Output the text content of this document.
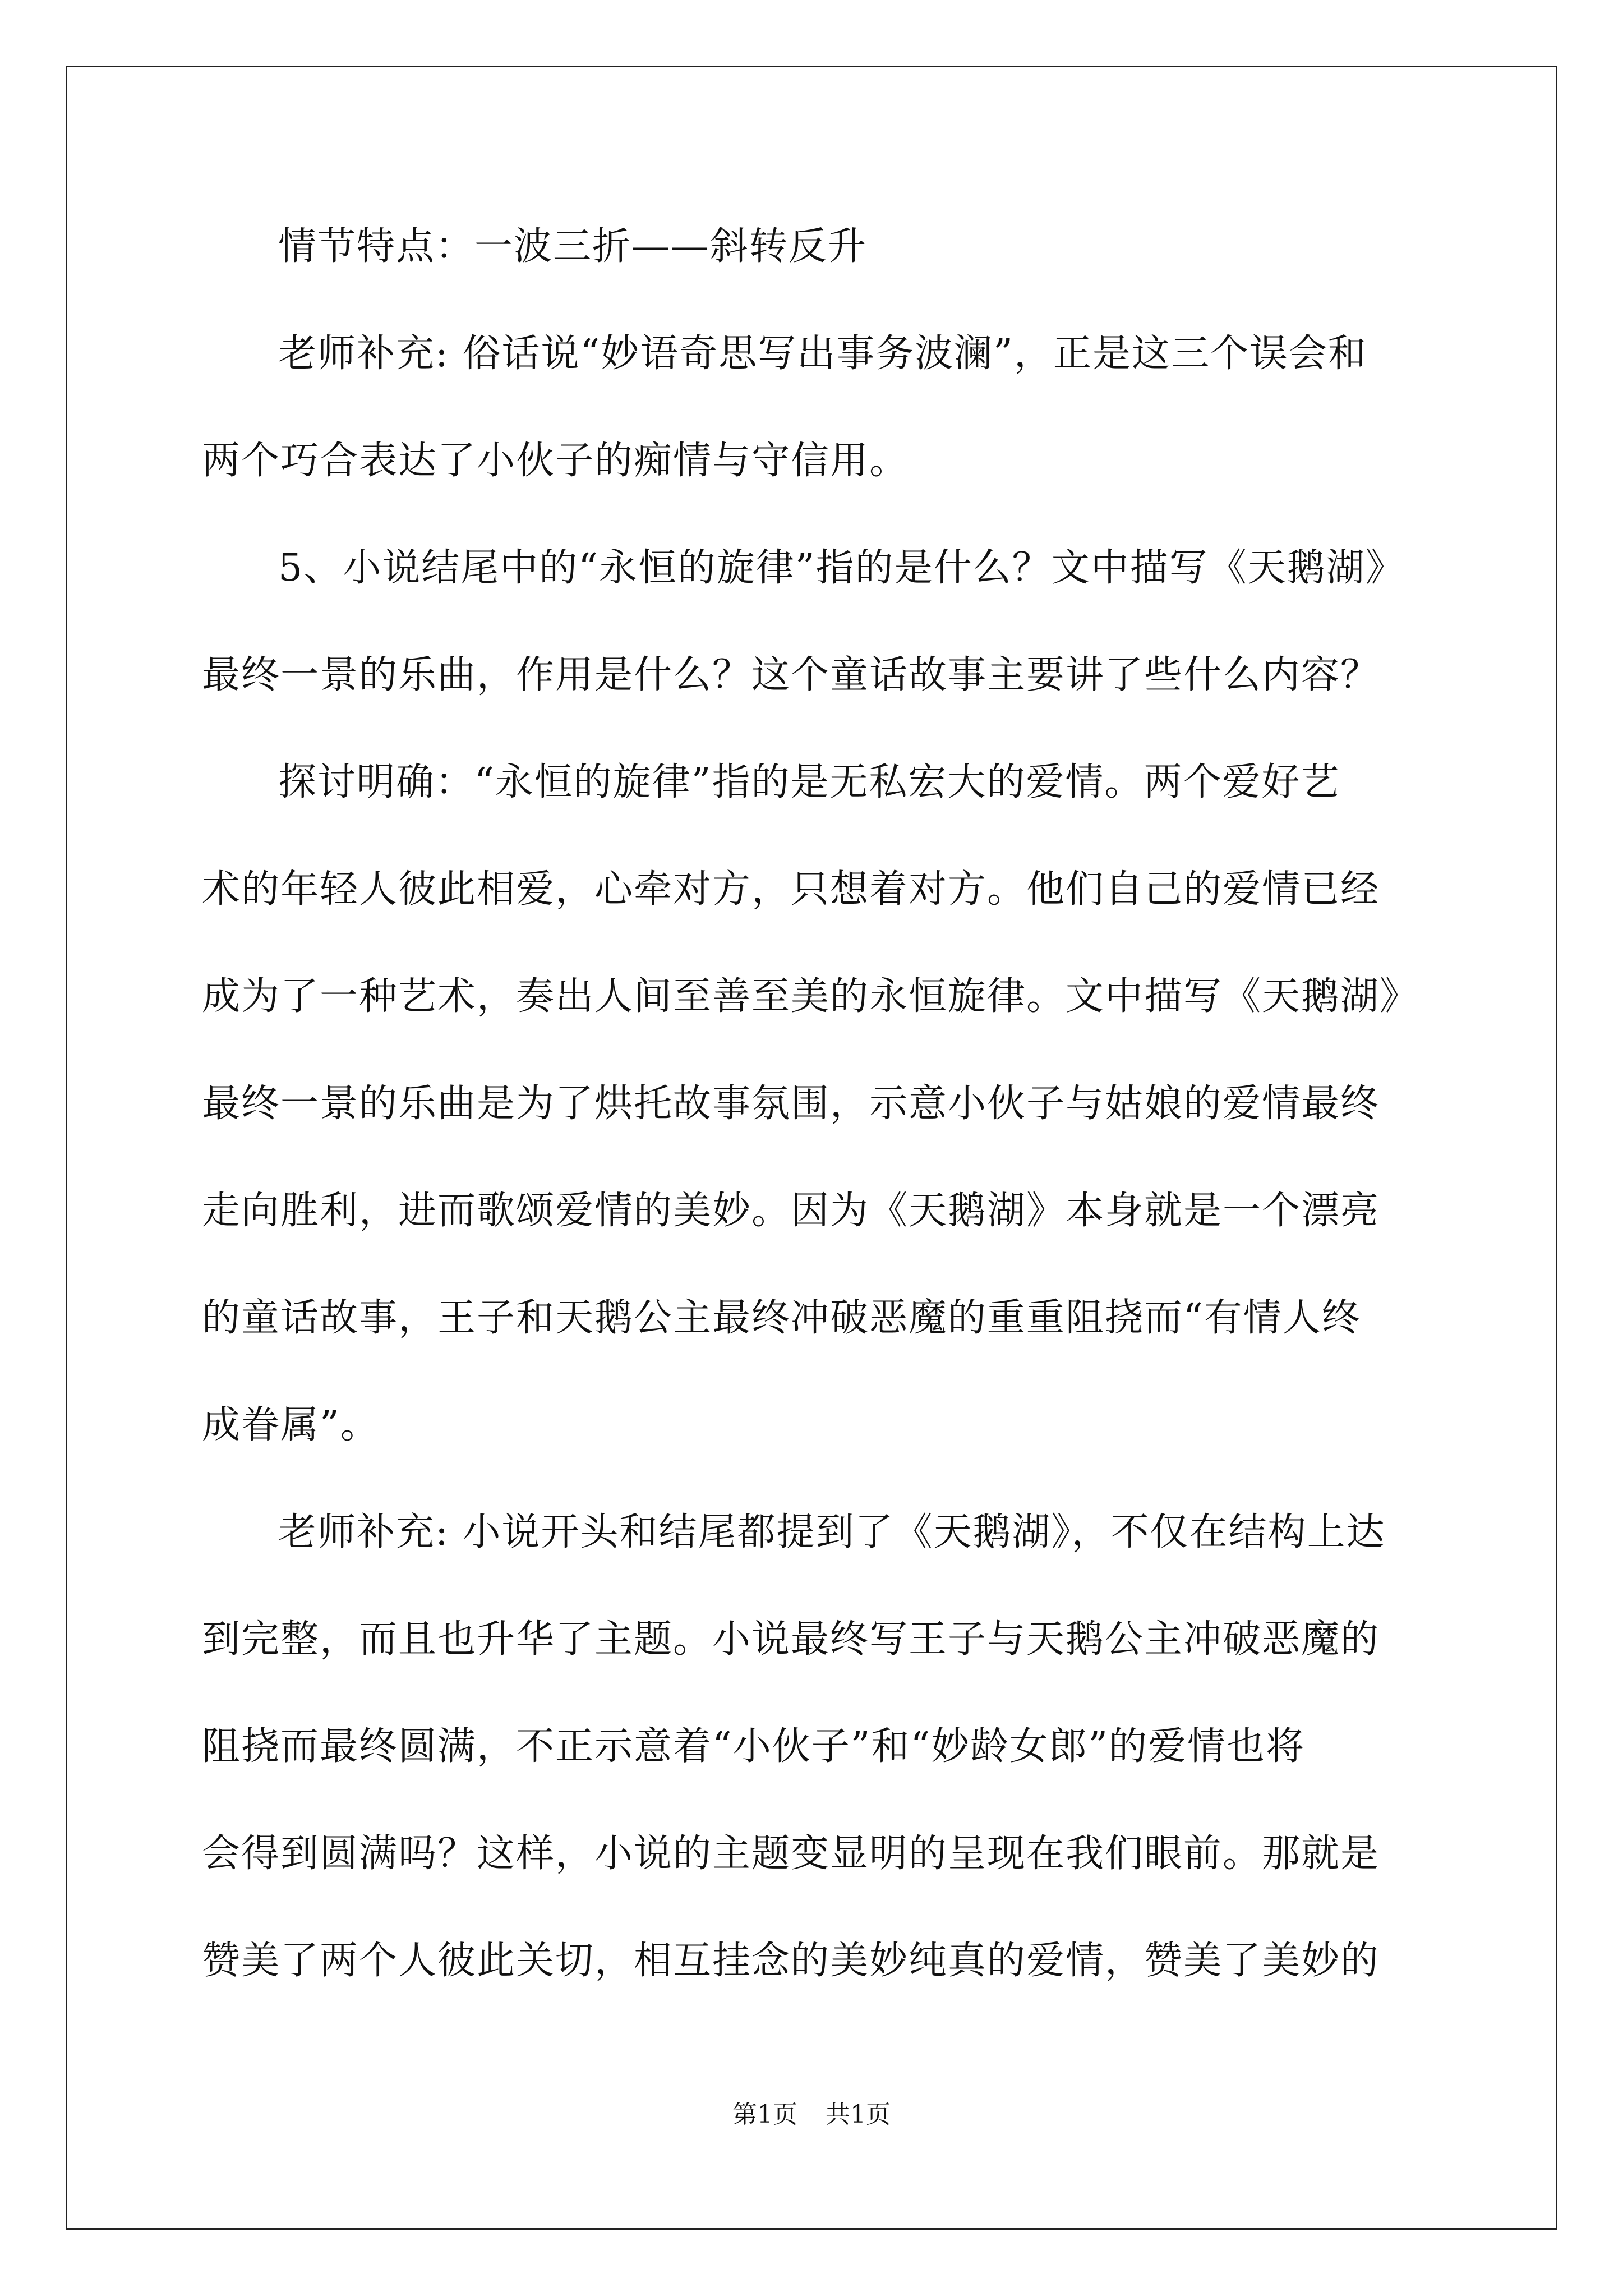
情节特点：一波三折——斜转反升
老师补充: 俗话说“妙语奇思写出事务波澜”，正是这三个误会和
两个巧合表达了小伙子的痴情与守信用。
5、小说结尾中的“永恒的旋律”指的是什么？文中描写《天鹅湖》
最终一景的乐曲，作用是什么？这个童话故事主要讲了些什么内容？
探讨明确：“永恒的旋律”指的是无私宏大的爱情。两个爱好艺
术的年轻人彼此相爱，心牵对方，只想着对方。他们自己的爱情已经
成为了一种艺术，奏出人间至善至美的永恒旋律。文中描写《天鹅湖》
最终一景的乐曲是为了烘托故事氛围，示意小伙子与姑娘的爱情最终
走向胜利，进而歌颂爱情的美妙。因为《天鹅湖》本身就是一个漂亮
的童话故事，王子和天鹅公主最终冲破恶魔的重重阻挠而“有情人终
成眷属”。
老师补充: 小说开头和结尾都提到了《天鹅湖》，不仅在结构上达
到完整，而且也升华了主题。小说最终写王子与天鹅公主冲破恶魔的
阻挠而最终圆满，不正示意着“小伙子”和“妙龄女郎”的爱情也将
会得到圆满吗？这样，小说的主题变显明的呈现在我们眼前。那就是
赞美了两个人彼此关切，相互挂念的美妙纯真的爱情，赞美了美妙的
第1页 共1页
